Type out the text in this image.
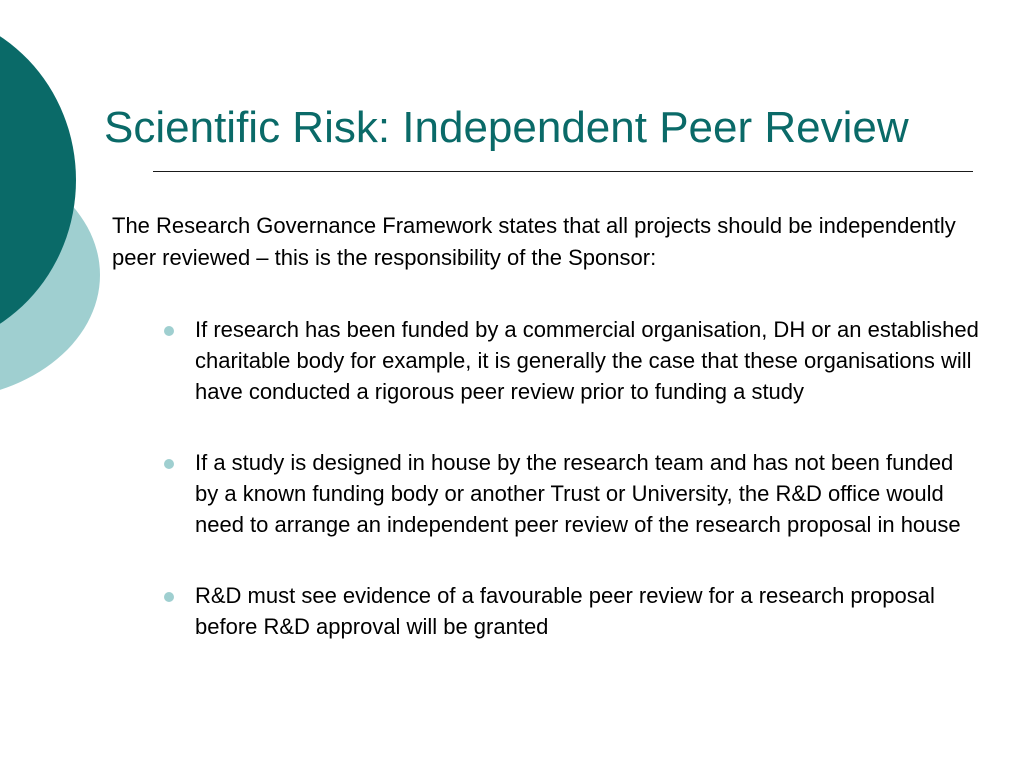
Scientific Risk: Independent Peer Review

The Research Governance Framework states that all projects should be independently peer reviewed – this is the responsibility of the Sponsor:

If research has been funded by a commercial organisation, DH or an established charitable body for example, it is generally the case that these organisations will have conducted a rigorous peer review prior to funding a study
If a study is designed in house by the research team and has not been funded by a known funding body or another Trust or University, the R&D office would need to arrange an independent peer review of the research proposal in house
R&D must see evidence of a favourable peer review for a research proposal before R&D approval will be granted
